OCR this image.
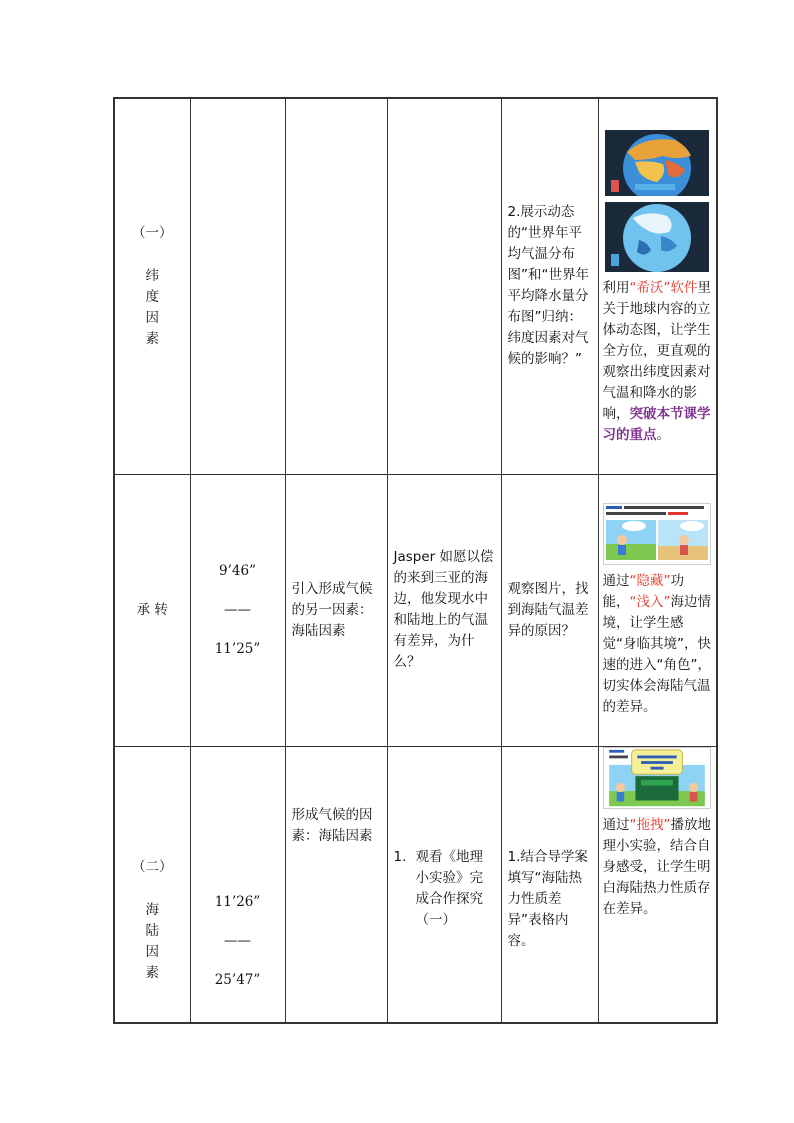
（一）
纬
度
因
素				2.展示动态的“世界年平均气温分布图”和“世界年平均降水量分布图”归纳：纬度因素对气候的影响？”	利用“希沃”软件里关于地球内容的立体动态图，让学生全方位，更直观的观察出纬度因素对气温和降水的影响，突破本节课学习的重点。
承 转	9’46”
——
11’25”	引入形成气候的另一因素：海陆因素	Jasper 如愿以偿的来到三亚的海边，他发现水中和陆地上的气温有差异，为什么？	观察图片，找到海陆气温差异的原因？	通过“隐藏”功能，“浅入”海边情境，让学生感觉“身临其境”，快速的进入“角色”，切实体会海陆气温的差异。

（二）
海
陆
因
素	11’26”
——
25’47”	形成气候的因素：海陆因素	1. 观看《地理小实验》完成合作探究（一）	1.结合导学案填写“海陆热力性质差异”表格内容。	通过“拖拽”播放地理小实验，结合自身感受，让学生明白海陆热力性质存在差异。
